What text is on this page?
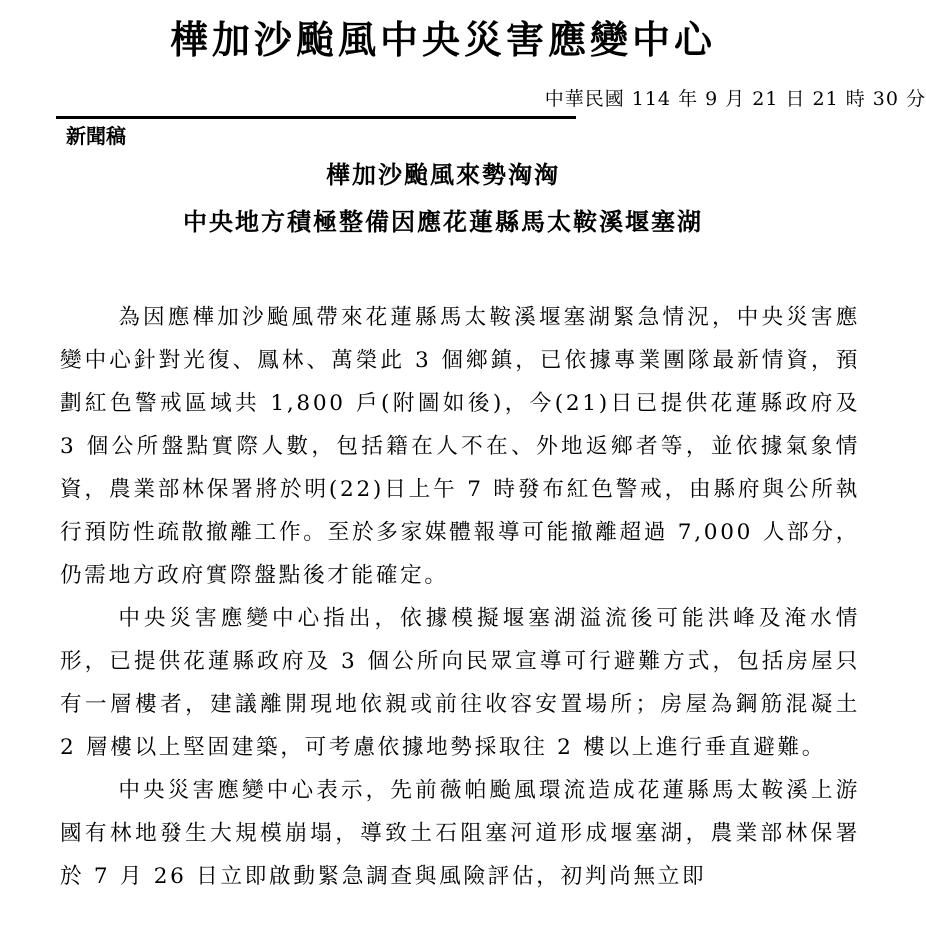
樺加沙颱風中央災害應變中心
中華民國 114 年 9 月 21 日 21 時 30 分
新聞稿
樺加沙颱風來勢洶洶
中央地方積極整備因應花蓮縣馬太鞍溪堰塞湖

為因應樺加沙颱風帶來花蓮縣馬太鞍溪堰塞湖緊急情況，中央災害應變中心針對光復、鳳林、萬榮此 3 個鄉鎮，已依據專業團隊最新情資，預劃紅色警戒區域共 1,800 戶(附圖如後)，今(21)日已提供花蓮縣政府及 3 個公所盤點實際人數，包括籍在人不在、外地返鄉者等，並依據氣象情資，農業部林保署將於明(22)日上午 7 時發布紅色警戒，由縣府與公所執行預防性疏散撤離工作。至於多家媒體報導可能撤離超過 7,000 人部分，仍需地方政府實際盤點後才能確定。

中央災害應變中心指出，依據模擬堰塞湖溢流後可能洪峰及淹水情形，已提供花蓮縣政府及 3 個公所向民眾宣導可行避難方式，包括房屋只有一層樓者，建議離開現地依親或前往收容安置場所；房屋為鋼筋混凝土 2 層樓以上堅固建築，可考慮依據地勢採取往 2 樓以上進行垂直避難。

中央災害應變中心表示，先前薇帕颱風環流造成花蓮縣馬太鞍溪上游國有林地發生大規模崩塌，導致土石阻塞河道形成堰塞湖，農業部林保署於 7 月 26 日立即啟動緊急調查與風險評估，初判尚無立即
